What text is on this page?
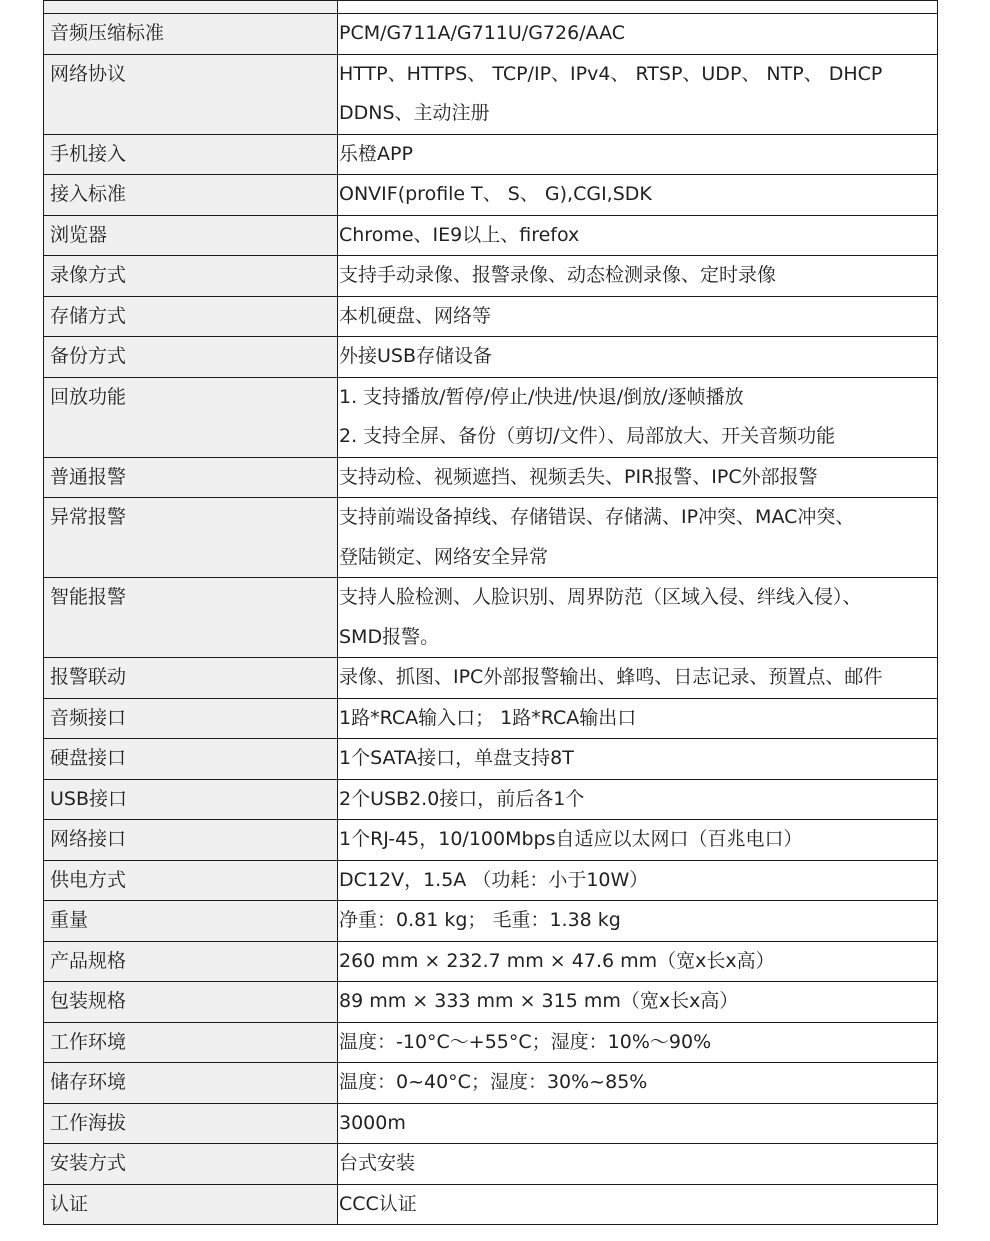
音频压缩标准	PCM/G711A/G711U/G726/AAC

网络协议	HTTP、HTTPS、 TCP/IP、IPv4、 RTSP、UDP、 NTP、 DHCP
DDNS、主动注册

手机接入	乐橙APP

接入标准	ONVIF(profile T、 S、 G),CGI,SDK

浏览器	Chrome、IE9以上、firefox

录像方式	支持手动录像、报警录像、动态检测录像、定时录像

存储方式	本机硬盘、网络等

备份方式	外接USB存储设备

回放功能	1. 支持播放/暂停/停止/快进/快退/倒放/逐帧播放
2. 支持全屏、备份（剪切/文件）、局部放大、开关音频功能

普通报警	支持动检、视频遮挡、视频丢失、PIR报警、IPC外部报警

异常报警	支持前端设备掉线、存储错误、存储满、IP冲突、MAC冲突、
登陆锁定、网络安全异常

智能报警	支持人脸检测、人脸识别、周界防范（区域入侵、绊线入侵）、
SMD报警。

报警联动	录像、抓图、IPC外部报警输出、蜂鸣、日志记录、预置点、邮件

音频接口	1路*RCA输入口； 1路*RCA输出口

硬盘接口	1个SATA接口，单盘支持8T

USB接口	2个USB2.0接口，前后各1个

网络接口	1个RJ-45，10/100Mbps自适应以太网口（百兆电口）

供电方式	DC12V，1.5A （功耗：小于10W）

重量	净重：0.81 kg； 毛重：1.38 kg

产品规格	260 mm × 232.7 mm × 47.6 mm（宽x长x高）

包装规格	89 mm × 333 mm × 315 mm（宽x长x高）

工作环境	温度：-10°C～+55°C；湿度：10%～90%

储存环境	温度：0~40°C；湿度：30%~85%

工作海拔	3000m

安装方式	台式安装

认证	CCC认证
